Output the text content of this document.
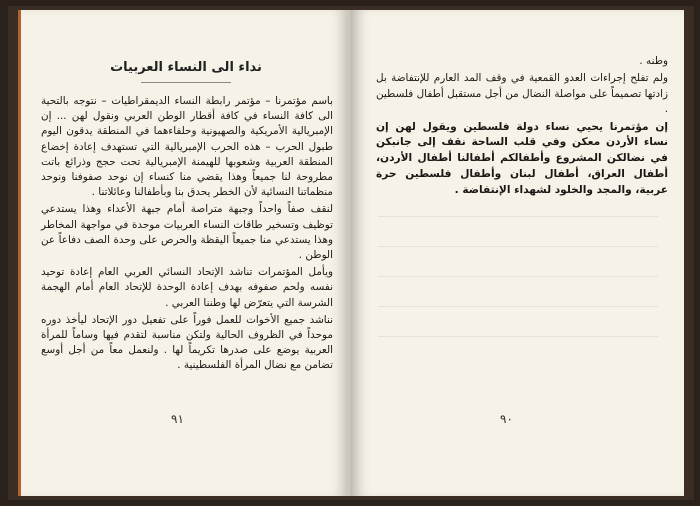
نداء الى النساء العربيات

باسم مؤتمرنا – مؤتمر رابطة النساء الديمقراطيات – نتوجه بالتحية الى كافة النساء في كافة أقطار الوطن العربي ونقول لهن ... إن الإمبريالية الأمريكية والصهيونية وحلفاءهما في المنطقة يدقون اليوم طبول الحرب – هذه الحرب الإمبريالية التي تستهدف إعادة إخضاع المنطقة العربية وشعوبها للهيمنة الإمبريالية تحت حجج وذرائع باتت مطروحة لنا جميعاً وهذا يقضي منا كنساء إن نوحد صفوفنا ونوحد منظماتنا النسائية لأن الخطر يحدق بنا وبأطفالنا وعائلاتنا .

لنقف صفاً واحداً وجبهة متراصة أمام جبهة الأعداء وهذا يستدعي توظيف وتسخير طاقات النساء العربيات موحدة في مواجهة المخاطر وهذا يستدعي منا جميعاً اليقظة والحرص على وحدة الصف دفاعاً عن الوطن .

ويأمل المؤتمرات تناشد الإتحاد النسائي العربي العام إعادة توحيد نفسه ولحم صفوفه بهدف إعادة الوحدة للإتحاد العام أمام الهجمة الشرسة التي يتعرّض لها وطننا العربي .

نناشد جميع الأخوات للعمل فوراً على تفعيل دور الإتحاد ليأخذ دوره موحداً في الظروف الحالية ولتكن مناسبة لتقدم فيها وساماً للمرأة العربية يوضع على صدرها تكريماً لها . ولنعمل معاً من أجل أوسع تضامن مع نضال المرأة الفلسطينية .

٩١

وطنه .

ولم تفلح إجراءات العدو القمعية في وقف المد العارم للإنتفاضة بل زادتها تصميماً على مواصلة النضال من أجل مستقبل أطفال فلسطين .

إن مؤتمرنا يحيي نساء دولة فلسطين ويقول لهن إن نساء الأردن معكن وفي قلب الساحة نقف إلى جانبكن في نضالكن المشروع وأطفالكم أطفالنا أطفال الأردن، أطفال العراق، أطفال لبنان وأطفال فلسطين حرة عربية، والمجد والخلود لشهداء الإنتفاضة .

٩٠
